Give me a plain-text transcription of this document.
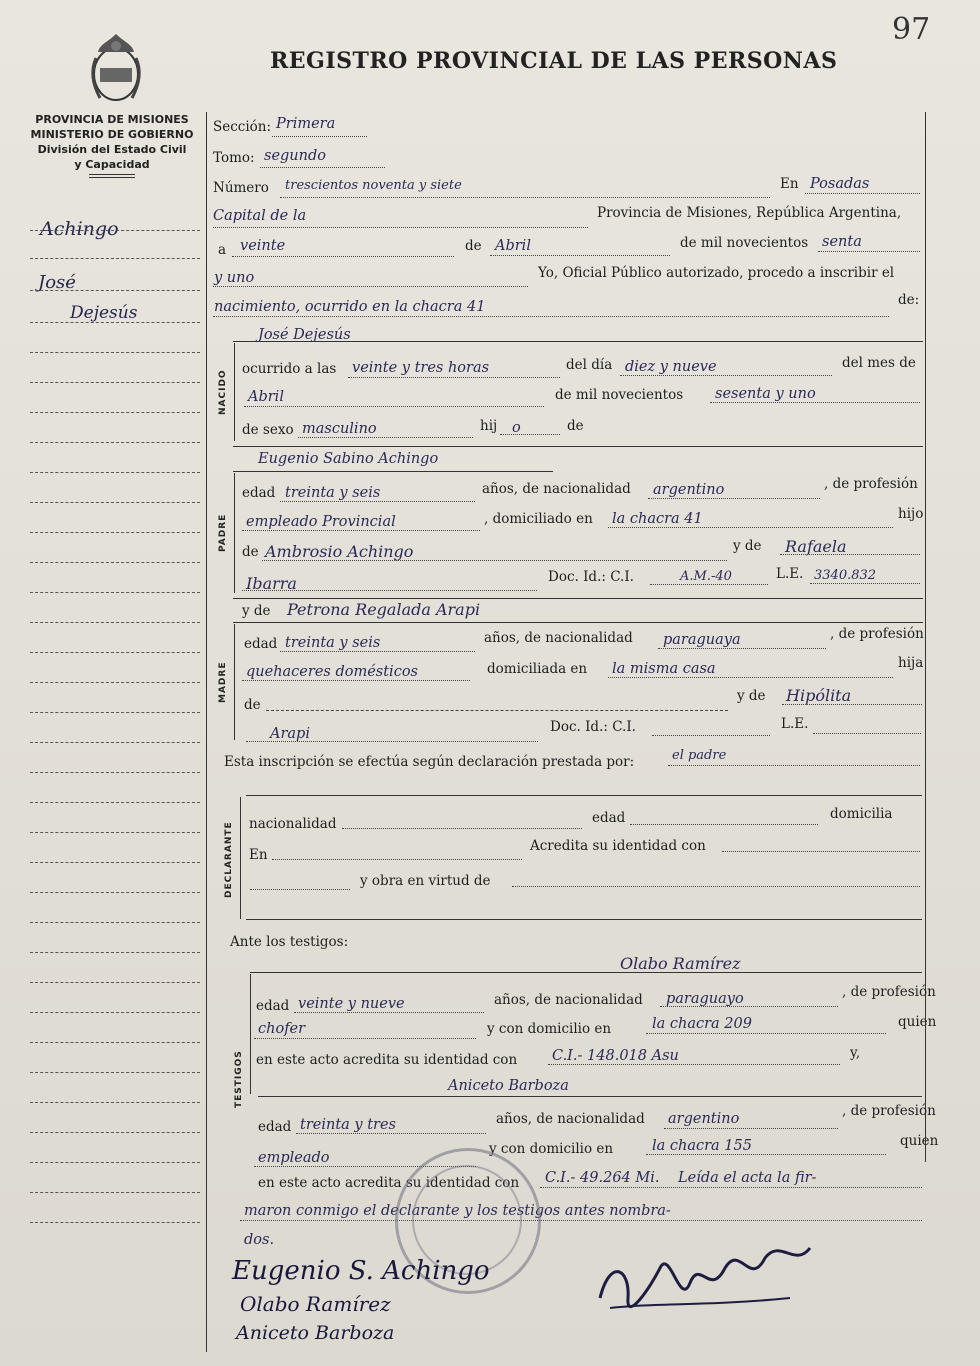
97
REGISTRO PROVINCIAL DE LAS PERSONAS
PROVINCIA DE MISIONES
MINISTERIO DE GOBIERNO
División del Estado Civil
y Capacidad
Achingo
José
Dejesús
Sección: Primera
Tomo: segundo
Número trescientos noventa y siete	En Posadas
Capital de la	Provincia de Misiones, República Argentina,
a veinte	de Abril	de mil novecientos senta
y uno	Yo, Oficial Público autorizado, procedo a inscribir el
nacimiento, ocurrido en la chacra 41	de:
José Dejesús
NACIDO
ocurrido a las veinte y tres horas	del día diez y nueve	del mes de
Abril	de mil novecientos sesenta y uno
de sexo masculino	hij o	de
Eugenio Sabino Achingo
PADRE
edad treinta y seis	años, de nacionalidad argentino	, de profesión
empleado Provincial	, domiciliado en la chacra 41	hijo
de Ambrosio Achingo	y de Rafaela
Ibarra	Doc. Id.: C.I.	A.M.-40	L.E. 3340.832
y de Petrona Regalada Arapi
MADRE
edad treinta y seis	años, de nacionalidad paraguaya	, de profesión
quehaceres domésticos	domiciliada en la misma casa	hija
de
y de Hipólita
Arapi	Doc. Id.: C.I.	L.E.
Esta inscripción se efectúa según declaración prestada por:	el padre
DECLARANTE nacionalidad	edad	domicilia
En
Acredita su identidad con
y obra en virtud de
Ante los testigos:
Olabo Ramírez
TESTIGOS
edad veinte y nueve	años, de nacionalidad paraguayo	, de profesión
chofer	y con domicilio en	la chacra 209	quien
en este acto acredita su identidad con C.I.- 148.018 Asu	y,
Aniceto Barboza
edad treinta y tres	años, de nacionalidad argentino	, de profesión
empleado
y con domicilio en	la chacra 155	quien
en este acto acredita su identidad con C.I.- 49.264 Mi. Leída el acta la fir-
maron conmigo el declarante y los testigos antes nombra-
dos.
Eugenio S. Achingo
Olabo Ramírez
Aniceto Barboza
